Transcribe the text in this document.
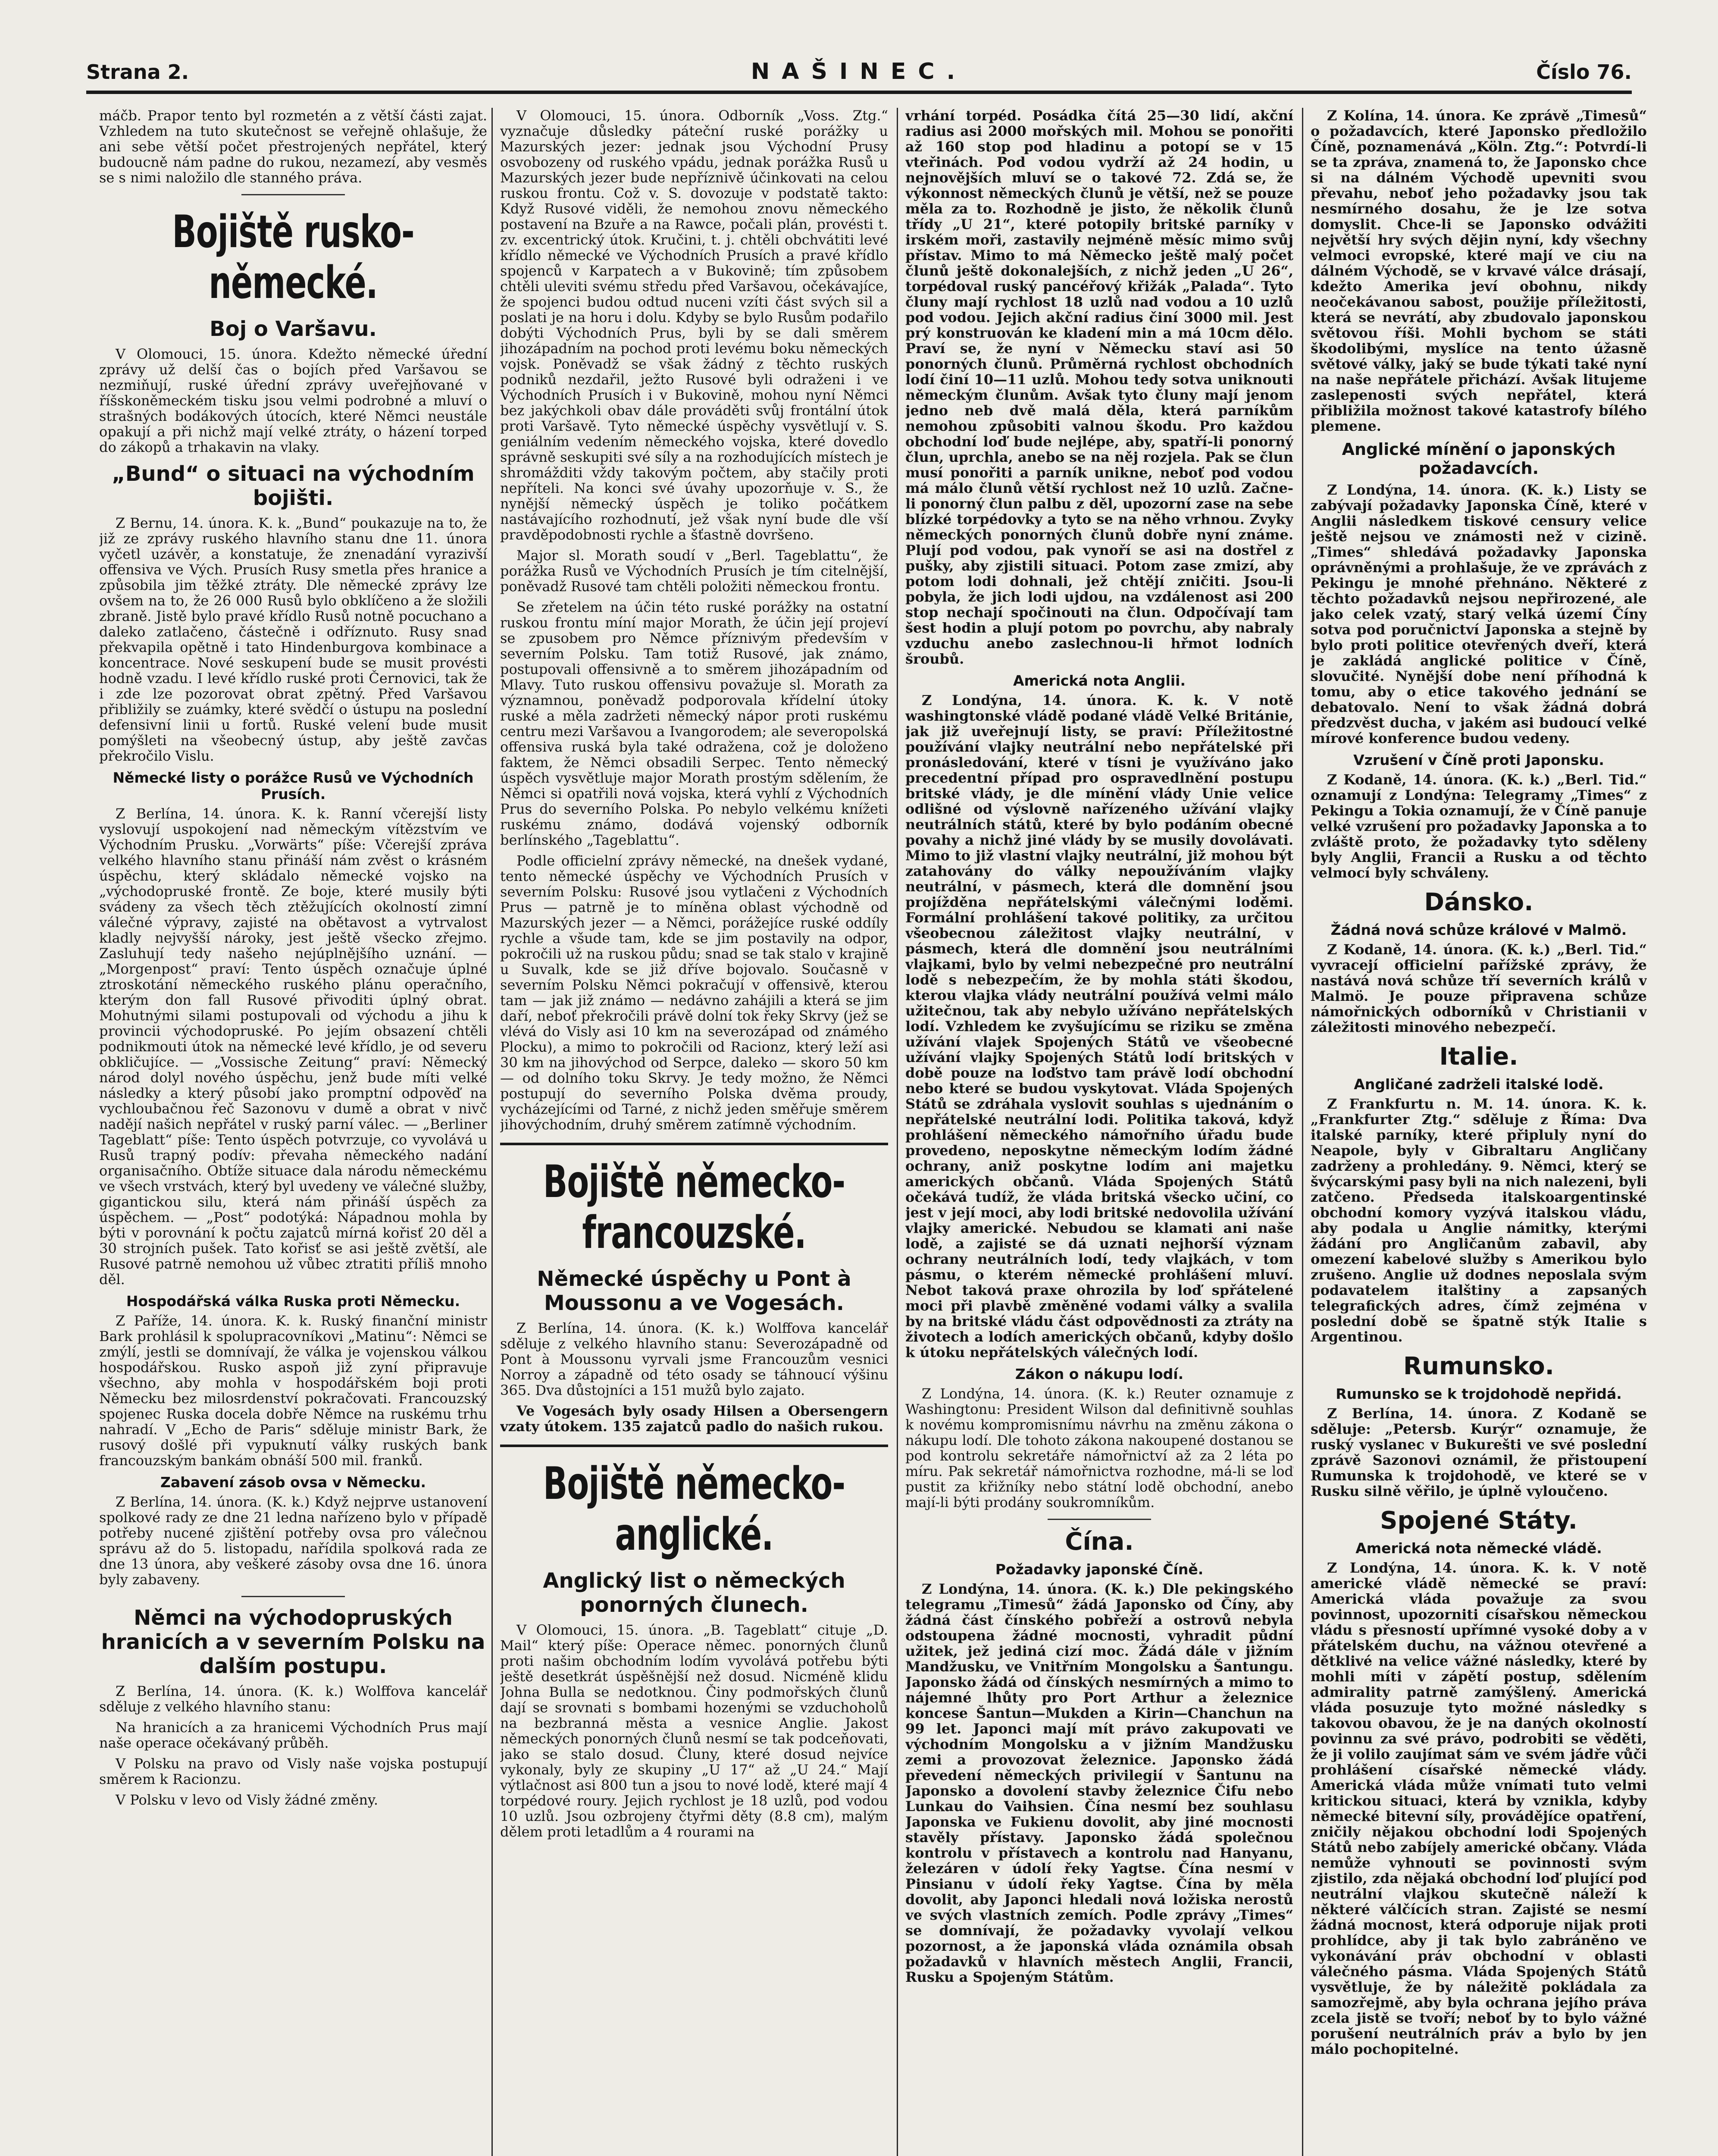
Strana 2.	NAŠINEC.	Číslo 76.

máčb. Prapor tento byl rozmetén a z větší části zajat. Vzhledem na tuto skutečnost se veřejně ohlašuje, že ani sebe větší počet přestrojených nepřátel, který budoucně nám padne do rukou, nezamezí, aby vesměs se s nimi naložilo dle stanného práva.

Bojiště rusko-německé.
Boj o Varšavu.

V Olomouci, 15. února. Kdežto německé úřední zprávy už delší čas o bojích před Varšavou se nezmiňují, ruské úřední zprávy uveřejňované v říšskoněmeckém tisku jsou velmi podrobné a mluví o strašných bodákových útocích, které Němci neustále opakují a při nichž mají velké ztráty, o házení torped do zákopů a trhakavin na vlaky.

„Bund“ o situaci na východním bojišti.

Z Bernu, 14. února. K. k. „Bund“ poukazuje na to, že již ze zprávy ruského hlavního stanu dne 11. února vyčetl uzávěr, a konstatuje, že znenadání vyrazivší offensiva ve Vých. Prusích Rusy smetla přes hranice a způsobila jim těžké ztráty. Dle německé zprávy lze ovšem na to, že 26 000 Rusů bylo obklíčeno a že složili zbraně. Jistě bylo pravé křídlo Rusů notně pocuchano a daleko zatlačeno, částečně i odříznuto. Rusy snad překvapila opětně i tato Hindenburgova kombinace a koncentrace. Nové seskupení bude se musit provésti hodně vzadu. I levé křídlo ruské proti Černovici, tak že i zde lze pozorovat obrat zpětný. Před Varšavou přibližily se zuámky, které svědčí o ústupu na poslední defensivní linii u fortů. Ruské velení bude musit pomýšleti na všeobecný ústup, aby ještě zavčas překročilo Vislu.

Německé listy o porážce Rusů ve Východních Prusích.

Z Berlína, 14. února. K. k. Ranní včerejší listy vyslovují uspokojení nad německým vítězstvím ve Východním Prusku. „Vorwärts“ píše: Včerejší zpráva velkého hlavního stanu přináší nám zvěst o krásném úspěchu, který skládalo německé vojsko na „východopruské frontě. Ze boje, které musily býti svádeny za všech těch ztěžujících okolností zimní válečné výpravy, zajisté na obětavost a vytrvalost kladly nejvyšší nároky, jest ještě všecko zřejmo. Zasluhují tedy našeho nejúplnějšího uznání. — „Morgenpost“ praví: Tento úspěch označuje úplné ztroskotání německého ruského plánu operačního, kterým don fall Rusové přivoditi úplný obrat. Mohutnými silami postupovali od východu a jihu k provincii východopruské. Po jejím obsazení chtěli podnikmouti útok na německé levé křídlo, je od severu obkličujíce. — „Vossische Zeitung“ praví: Německý národ dolyl nového úspěchu, jenž bude míti velké následky a který působí jako promptní odpověď na vychloubačnou řeč Sazonovu v dumě a obrat v nivč nadějí našich nepřátel v ruský parní válec. — „Berliner Tageblatt“ píše: Tento úspěch potvrzuje, co vyvolává u Rusů trapný podív: převaha německého nadání organisačního. Obtíže situace dala národu německému ve všech vrstvách, který byl uvedeny ve válečné služby, gigantickou silu, která nám přináší úspěch za úspěchem. — „Post“ podotýká: Nápadnou mohla by býti v porovnání k počtu zajatců mírná kořisť 20 děl a 30 strojních pušek. Tato kořisť se asi ještě zvětší, ale Rusové patrně nemohou už vůbec ztratiti příliš mnoho děl.

Hospodářská válka Ruska proti Německu.

Z Paříže, 14. února. K. k. Ruský finanční ministr Bark prohlásil k spolupracovníkovi „Matinu“: Němci se zmýlí, jestli se domnívají, že válka je vojenskou válkou hospodářskou. Rusko aspoň již zyní připravuje všechno, aby mohla v hospodářském boji proti Německu bez milosrdenství pokračovati. Francouzský spojenec Ruska docela dobře Němce na ruskému trhu nahradí. V „Echo de Paris“ sděluje ministr Bark, že rusový došlé při vypuknutí války ruských bank francouzským bankám obnáší 500 mil. franků.

Zabavení zásob ovsa v Německu.

Z Berlína, 14. února. (K. k.) Když nejprve ustanovení spolkové rady ze dne 21 ledna nařízeno bylo v případě potřeby nucené zjištění potřeby ovsa pro válečnou správu až do 5. listopadu, nařídila spolková rada ze dne 13 února, aby veškeré zásoby ovsa dne 16. února byly zabaveny.

Němci na východopruských hranicích a v severním Polsku na dalším postupu.

Z Berlína, 14. února. (K. k.) Wolffova kancelář sděluje z velkého hlavního stanu:

Na hranicích a za hranicemi Východních Prus mají naše operace očekávaný průběh.

V Polsku na pravo od Visly naše vojska postupují směrem k Racionzu.

V Polsku v levo od Visly žádné změny.

V Olomouci, 15. února. Odborník „Voss. Ztg.“ vyznačuje důsledky páteční ruské porážky u Mazurských jezer: jednak jsou Východní Prusy osvobozeny od ruského vpádu, jednak porážka Rusů u Mazurských jezer bude nepříznivě účinkovati na celou ruskou frontu. Což v. S. dovozuje v podstatě takto: Když Rusové viděli, že nemohou znovu německého postavení na Bzuře a na Rawce, počali plán, provésti t. zv. excentrický útok. Kručini, t. j. chtěli obchvátiti levé křídlo německé ve Východních Prusích a pravé křídlo spojenců v Karpatech a v Bukovině; tím způsobem chtěli uleviti svému středu před Varšavou, očekávajíce, že spojenci budou odtud nuceni vzíti část svých sil a poslati je na horu i dolu. Kdyby se bylo Rusům podařilo dobýti Východních Prus, byli by se dali směrem jihozápadním na pochod proti levému boku německých vojsk. Poněvadž se však žádný z těchto ruských podniků nezdařil, ježto Rusové byli odraženi i ve Východních Prusích i v Bukovině, mohou nyní Němci bez jakýchkoli obav dále prováděti svůj frontální útok proti Varšavě. Tyto německé úspěchy vysvětlují v. S. geniálním vedením německého vojska, které dovedlo správně seskupiti své síly a na rozhodujících místech je shromážditi vždy takovým počtem, aby stačily proti nepříteli. Na konci své úvahy upozorňuje v. S., že nynější německý úspěch je toliko počátkem nastávajícího rozhodnutí, jež však nyní bude dle vší pravděpodobnosti rychle a šťastně dovršeno.

Major sl. Morath soudí v „Berl. Tageblattu“, že porážka Rusů ve Východních Prusích je tím citelnější, poněvadž Rusové tam chtěli položiti německou frontu.

Se zřetelem na účin této ruské porážky na ostatní ruskou frontu míní major Morath, že účin její projeví se zpusobem pro Němce příznivým především v severním Polsku. Tam totiž Rusové, jak známo, postupovali offensivně a to směrem jihozápadním od Mlavy. Tuto ruskou offensivu považuje sl. Morath za významnou, poněvadž podporovala křídelní útoky ruské a měla zadržeti německý nápor proti ruskému centru mezi Varšavou a Ivangorodem; ale severopolská offensiva ruská byla také odražena, což je doloženo faktem, že Němci obsadili Serpec. Tento německý úspěch vysvětluje major Morath prostým sdělením, že Němci si opatřili nová vojska, která vyhlí z Východních Prus do severního Polska. Po nebylo velkému knížeti ruskému známo, dodává vojenský odborník berlínského „Tageblattu“.

Podle officielní zprávy německé, na dnešek vydané, tento německé úspěchy ve Východních Prusích v severním Polsku: Rusové jsou vytlačeni z Východních Prus — patrně je to míněna oblast východně od Mazurských jezer — a Němci, porážejíce ruské oddíly rychle a všude tam, kde se jim postavily na odpor, pokročili už na ruskou půdu; snad se tak stalo v krajině u Suvalk, kde se již dříve bojovalo. Současně v severním Polsku Němci pokračují v offensivě, kterou tam — jak již známo — nedávno zahájili a která se jim daří, neboť překročili právě dolní tok řeky Skrvy (jež se vlévá do Visly asi 10 km na severozápad od známého Plocku), a mimo to pokročili od Racionz, který leží asi 30 km na jihovýchod od Serpce, dalekо — skoro 50 km — od dolního toku Skrvy. Je tedy možno, že Němci postupují do severního Polska dvěma proudy, vycházejícími od Tarné, z nichž jeden směřuje směrem jihovýchodním, druhý směrem zatímně východním.

Bojiště německo-francouzské.
Německé úspěchy u Pont à Moussonu a ve Vogesách.

Z Berlína, 14. února. (K. k.) Wolffova kancelář sděluje z velkého hlavního stanu: Severozápadně od Pont à Moussonu vyrvali jsme Francouzům vesnici Norroy a západně od této osady se táhnoucí výšinu 365. Dva důstojníci a 151 mužů bylo zajato.

Ve Vogesách byly osady Hilsen a Obersengern vzaty útokem. 135 zajatců padlo do našich rukou.

Bojiště německo-anglické.
Anglický list o německých ponorných člunech.

V Olomouci, 15. února. „B. Tageblatt“ cituje „D. Mail“ který píše: Operace němec. ponorných člunů proti našim obchodním lodím vyvolává potřebu býti ještě desetkrát úspěšnější než dosud. Nicméně klidu Johna Bulla se nedotknou. Činy podmořských člunů dají se srovnati s bombami hozenými se vzduchoholů na bezbranná města a vesnice Anglie. Jakost německých ponorných člunů nesmí se tak podceňovati, jako se stalo dosud. Čluny, které dosud nejvíce vykonaly, byly ze skupiny „U 17“ až „U 24.“ Mají výtlačnost asi 800 tun a jsou to nové lodě, které mají 4 torpédové roury. Jejich rychlost je 18 uzlů, pod vodou 10 uzlů. Jsou ozbrojeny čtyřmi děty (8.8 cm), malým dělem proti letadlům a 4 rourami na

vrhání torpéd. Posádka čítá 25—30 lidí, akční radius asi 2000 mořských mil. Mohou se ponořiti až 160 stop pod hladinu a potopí se v 15 vteřinách. Pod vodou vydrží až 24 hodin, u nejnovějších mluví se o takové 72. Zdá se, že výkonnost německých člunů je větší, než se pouze měla za to. Rozhodně je jisto, že několik člunů třídy „U 21“, které potopily britské parníky v irském moři, zastavily nejméně měsíc mimo svůj přístav. Mimo to má Německo ještě malý počet člunů ještě dokonalejších, z nichž jeden „U 26“, torpédoval ruský pancéřový křižák „Palada“. Tyto čluny mají rychlost 18 uzlů nad vodou a 10 uzlů pod vodou. Jejich akční radius činí 3000 mil. Jest prý konstruován ke kladení min a má 10cm dělo. Praví se, že nyní v Německu staví asi 50 ponorných člunů. Průměrná rychlost obchodních lodí činí 10—11 uzlů. Mohou tedy sotva uniknouti německým člunům. Avšak tyto čluny mají jenom jedno neb dvě malá děla, která parníkům nemohou způsobiti valnou škodu. Pro každou obchodní loď bude nejlépe, aby, spatří-li ponorný člun, uprchla, anebo se na něj rozjela. Pak se člun musí ponořiti a parník unikne, neboť pod vodou má málo člunů větší rychlost než 10 uzlů. Začne-li ponorný člun palbu z děl, upozorní zase na sebe blízké torpédovky a tyto se na něho vrhnou. Zvyky německých ponorných člunů dobře nyní známe. Plují pod vodou, pak vynoří se asi na dostřel z pušky, aby zjistili situaci. Potom zase zmizí, aby potom lodi dohnali, jež chtějí zničiti. Jsou-li pobyla, že jich lodi ujdou, na vzdálenost asi 200 stop nechají spočinouti na člun. Odpočívají tam šest hodin a plují potom po povrchu, aby nabraly vzduchu anebo zaslechnou-li hřmot lodních šroubů.

Americká nota Anglii.

Z Londýna, 14. února. K. k. V notě washingtonské vládě podané vládě Velké Británie, jak již uveřejnují listy, se praví: Příležitostné používání vlajky neutrální nebo nepřátelské při pronásledování, které v tísni je využíváno jako precedentní případ pro ospravedlnění postupu britské vlády, je dle mínění vlády Unie velice odlišné od výslovně nařízeného užívání vlajky neutrálních států, které by bylo podáním obecné povahy a nichž jiné vlády by se musily dovolávati. Mimo to již vlastní vlajky neutrální, již mohou být zatahovány do války nepoužíváním vlajky neutrální, v pásmech, která dle domnění jsou projížděna nepřátelskými válečnými loděmi. Formální prohlášení takové politiky, za určitou všeobecnou záležitost vlajky neutrální, v pásmech, která dle domnění jsou neutrálními vlajkami, bylo by velmi nebezpečné pro neutrální lodě s nebezpečím, že by mohla státi škodou, kterou vlajka vlády neutrální používá velmi málo užitečnou, tak aby nebylo užíváno nepřátelských lodí. Vzhledem ke zvyšujícímu se riziku se změna užívání vlajek Spojených Států ve všeobecné užívání vlajky Spojených Států lodí britských v době pouze na loďstvo tam právě lodí obchodní nebo které se budou vyskytovat. Vláda Spojených Států se zdráhala vyslovit souhlas s ujednáním o nepřátelské neutrální lodi. Politika taková, když prohlášení německého námořního úřadu bude provedeno, neposkytne německým lodím žádné ochrany, aniž poskytne lodím ani majetku amerických občanů. Vláda Spojených Států očekává tudíž, že vláda britská všecko učiní, co jest v její moci, aby lodi britské nedovolila užívání vlajky americké. Nebudou se klamati ani naše lodě, a zajisté se dá uznati nejhorší význam ochrany neutrálních lodí, tedy vlajkách, v tom pásmu, o kterém německé prohlášení mluví. Nebot taková praxe ohrozila by loď spřátelené moci při plavbě změněné vodami války a svalila by na britské vládu část odpovědnosti za ztráty na životech a lodích amerických občanů, kdyby došlo k útoku nepřátelských válečných lodí.

Zákon o nákupu lodí.

Z Londýna, 14. února. (K. k.) Reuter oznamuje z Washingtonu: President Wilson dal definitivně souhlas k novému kompromisnímu návrhu na změnu zákona o nákupu lodí. Dle tohoto zákona nakoupené dostanou se pod kontrolu sekretáře námořnictví až za 2 léta po míru. Pak sekretář námořnictva rozhodne, má-li se loď pustit za křižníky nebo státní lodě obchodní, anebo mají-li býti prodány soukromníkům.

Čína.
Požadavky japonské Číně.

Z Londýna, 14. února. (K. k.) Dle pekingského telegramu „Timesů“ žádá Japonsko od Číny, aby žádná část čínského pobřeží a ostrovů nebyla odstoupena žádné mocnosti, vyhradit půdní užitek, jež jediná cizí moc. Žádá dále v jižním Mandžusku, ve Vnitřním Mongolsku a Šantungu. Japonsko žádá od čínských nesmírných a mimo to nájemné lhůty pro Port Arthur a železnice koncese Šantun—Mukden a Kirin—Chanchun na 99 let. Japonci mají mít právo zakupovati ve východním Mongolsku a v jižním Mandžusku zemi a provozovat železnice. Japonsko žádá převedení německých privilegií v Šantunu na Japonsko a dovolení stavby železnice Čifu nebo Lunkau do Vaihsien. Čína nesmí bez souhlasu Japonska ve Fukienu dovolit, aby jiné mocnosti stavěly přístavy. Japonsko žádá společnou kontrolu v přístavech a kontrolu nad Hanyanu, železáren v údolí řeky Yagtse. Čína nesmí v Pinsianu v údolí řeky Yagtse. Čína by měla dovolit, aby Japonci hledali nová ložiska nerostů ve svých vlastních zemích. Podle zprávy „Times“ se domnívají, že požadavky vyvolají velkou pozornost, a že japonská vláda oznámila obsah požadavků v hlavních městech Anglii, Francii, Rusku a Spojeným Státům.

Z Kolína, 14. února. Ke zprávě „Timesů“ o požadavcích, které Japonsko předložilo Číně, poznamenává „Köln. Ztg.“: Potvrdí-li se ta zpráva, znamená to, že Japonsko chce si na dálném Východě upevniti svou převahu, neboť jeho požadavky jsou tak nesmírného dosahu, že je lze sotva domyslit. Chce-li se Japonsko odvážiti největší hry svých dějin nyní, kdy všechny velmoci evropské, které mají ve ciu na dálném Východě, se v krvavé válce drásají, kdežto Amerika jeví obohnu, nikdy neočekávanou sabost, použije příležitosti, která se nevrátí, aby zbudovalo japonskou světovou říši. Mohli bychom se státi škodolibými, myslíce na tento úžasně světové války, jaký se bude týkati také nyní na naše nepřátele přichází. Avšak litujeme zaslepenosti svých nepřátel, která přibližila možnost takové katastrofy bílého plemene.

Anglické mínění o japonských požadavcích.

Z Londýna, 14. února. (K. k.) Listy se zabývají požadavky Japonska Číně, které v Anglii následkem tiskové censury velice ještě nejsou ve známosti než v cizině. „Times“ shledává požadavky Japonska oprávněnými a prohlašuje, že ve zprávách z Pekingu je mnohé přehnáno. Některé z těchto požadavků nejsou nepřirozené, ale jako celek vzatý, starý velká území Číny sotva pod poručnictví Japonska a stejně by bylo proti politice otevřených dveří, která je zakládá anglické politice v Číně, slovučité. Nynější dobe není příhodná k tomu, aby o etice takového jednání se debatovalo. Není to však žádná dobrá předzvěst ducha, v jakém asi budoucí velké mírové konference budou vedeny.

Vzrušení v Číně proti Japonsku.

Z Kodaně, 14. února. (K. k.) „Berl. Tid.“ oznamují z Londýna: Telegramy „Times“ z Pekingu a Tokia oznamují, že v Číně panuje velké vzrušení pro požadavky Japonska a to zvláště proto, že požadavky tyto sděleny byly Anglii, Francii a Rusku a od těchto velmocí byly schváleny.

Dánsko.
Žádná nová schůze králové v Malmö.

Z Kodaně, 14. února. (K. k.) „Berl. Tid.“ vyvracejí officielní pařížské zprávy, že nastává nová schůze tří severních králů v Malmö. Je pouze připravena schůze námořnických odborníků v Christianii v záležitosti minového nebezpečí.

Italie.
Angličané zadrželi italské lodě.

Z Frankfurtu n. M. 14. února. K. k. „Frankfurter Ztg.“ sděluje z Říma: Dva italské parníky, které připluly nyní do Neapole, byly v Gibraltaru Angličany zadrženy a prohledány. 9. Němci, který se švýcarskými pasy byli na nich nalezeni, byli zatčeno. Předseda italskoargentinské obchodní komory vyzývá italskou vládu, aby podala u Anglie námitky, kterými žádání pro Angličanům zabavil, aby omezení kabelové služby s Amerikou bylo zrušeno. Anglie už dodnes neposlala svým podavatelem italštiny a zapsaných telegrafických adres, čímž zejména v poslední době se špatně stýk Italie s Argentinou.

Rumunsko.
Rumunsko se k trojdohodě nepřidá.

Z Berlína, 14. února. Z Kodaně se sděluje: „Petersb. Kurýr“ oznamuje, že ruský vyslanec v Bukurešti ve své poslední zprávě Sazonovi oznámil, že přistoupení Rumunska k trojdohodě, ve které se v Rusku silně věřilo, je úplně vyloučeno.

Spojené Státy.
Americká nota německé vládě.

Z Londýna, 14. února. K. k. V notě americké vládě německé se praví: Americká vláda považuje za svou povinnost, upozorniti císařskou německou vládu s přesností upřímné vysoké doby a v přátelském duchu, na vážnou otevřené a dětklivé na velice vážné následky, které by mohli míti v zápětí postup, sdělením admirality patrně zamýšlený. Americká vláda posuzuje tyto možné následky s takovou obavou, že je na daných okolností povinnu za své právo, podrobiti se věděti, že ji volilo zaujímat sám ve svém jádře vůči prohlášení císařské německé vlády. Americká vláda může vnímati tuto velmi kritickou situaci, která by vznikla, kdyby německé bitevní síly, provádějíce opatření, zničily nějakou obchodní lodi Spojených Států nebo zabíjely americké občany. Vláda nemůže vyhnouti se povinnosti svým zjistilo, zda nějaká obchodní loď plující pod neutrální vlajkou skutečně náleží k některé válčících stran. Zajisté se nesmí žádná mocnost, která odporuje nijak proti prohlídce, aby ji tak bylo zabráněno ve vykonávání práv obchodní v oblasti válečného pásma. Vláda Spojených Států vysvětluje, že by náležitě pokládala za samozřejmě, aby byla ochrana jejího práva zcela jistě se tvoří; neboť by to bylo vážné porušení neutrálních práv a bylo by jen málo pochopitelné.
